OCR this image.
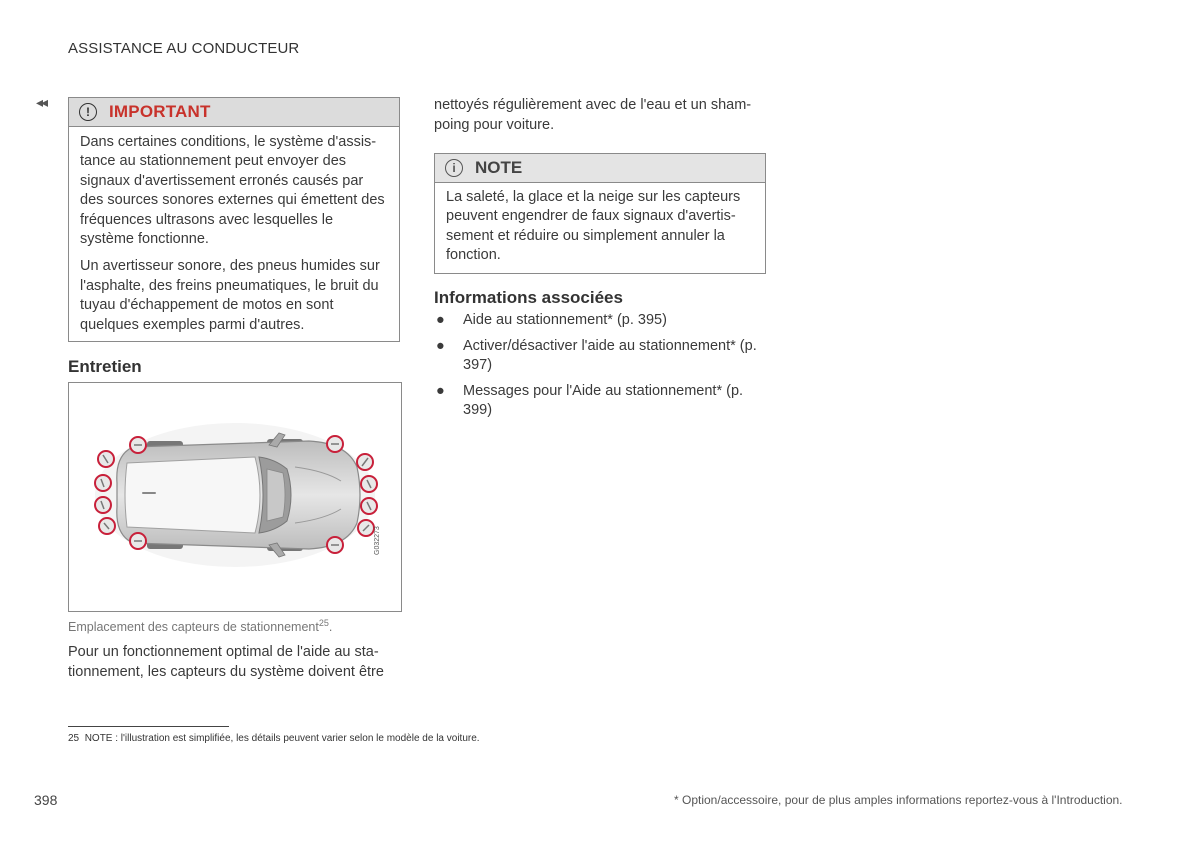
ASSISTANCE AU CONDUCTEUR
◂◂
!	IMPORTANT

Dans certaines conditions, le système d'assis-tance au stationnement peut envoyer des signaux d'avertissement erronés causés par des sources sonores externes qui émettent des fréquences ultrasons avec lesquelles le système fonctionne.

Un avertisseur sonore, des pneus humides sur l'asphalte, des freins pneumatiques, le bruit du tuyau d'échappement de motos en sont quelques exemples parmi d'autres.

Entretien
G032273
Emplacement des capteurs de stationnement$^{25}$.
Pour un fonctionnement optimal de l'aide au sta-tionnement, les capteurs du système doivent être
nettoyés régulièrement avec de l'eau et un sham-poing pour voiture.
i	NOTE
La saleté, la glace et la neige sur les capteurs peuvent engendrer de faux signaux d'avertis-sement et réduire ou simplement annuler la fonction.
Informations associées
● Aide au stationnement* (p. 395)
● Activer/désactiver l'aide au stationnement* (p. 397)
● Messages pour l'Aide au stationnement* (p. 399)
25 NOTE : l'illustration est simplifiée, les détails peuvent varier selon le modèle de la voiture.
398	* Option/accessoire, pour de plus amples informations reportez-vous à l'Introduction.
